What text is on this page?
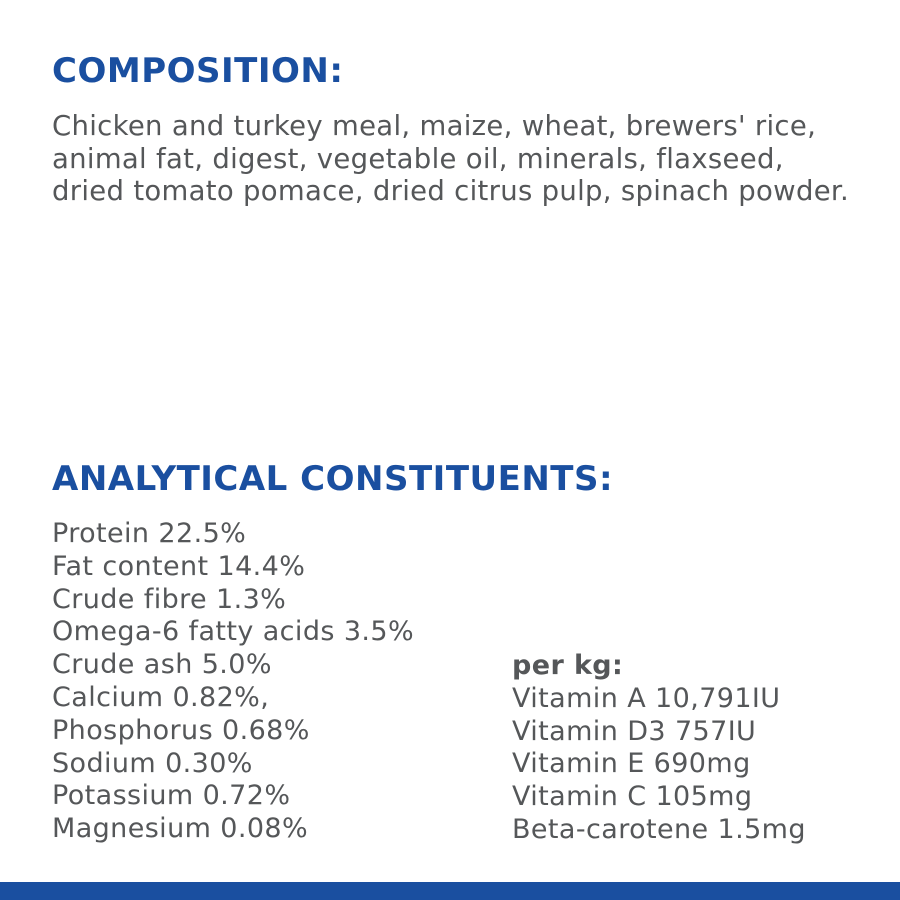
COMPOSITION:

Chicken and turkey meal, maize, wheat, brewers' rice, animal fat, digest, vegetable oil, minerals, flaxseed, dried tomato pomace, dried citrus pulp, spinach powder.

ANALYTICAL CONSTITUENTS:
Protein 22.5%
Fat content 14.4%
Crude fibre 1.3%
Omega-6 fatty acids 3.5%
Crude ash 5.0%
Calcium 0.82%,
Phosphorus 0.68%
Sodium 0.30%
Potassium 0.72%
Magnesium 0.08%
per kg:
Vitamin A 10,791IU
Vitamin D3 757IU
Vitamin E 690mg
Vitamin C 105mg
Beta-carotene 1.5mg
